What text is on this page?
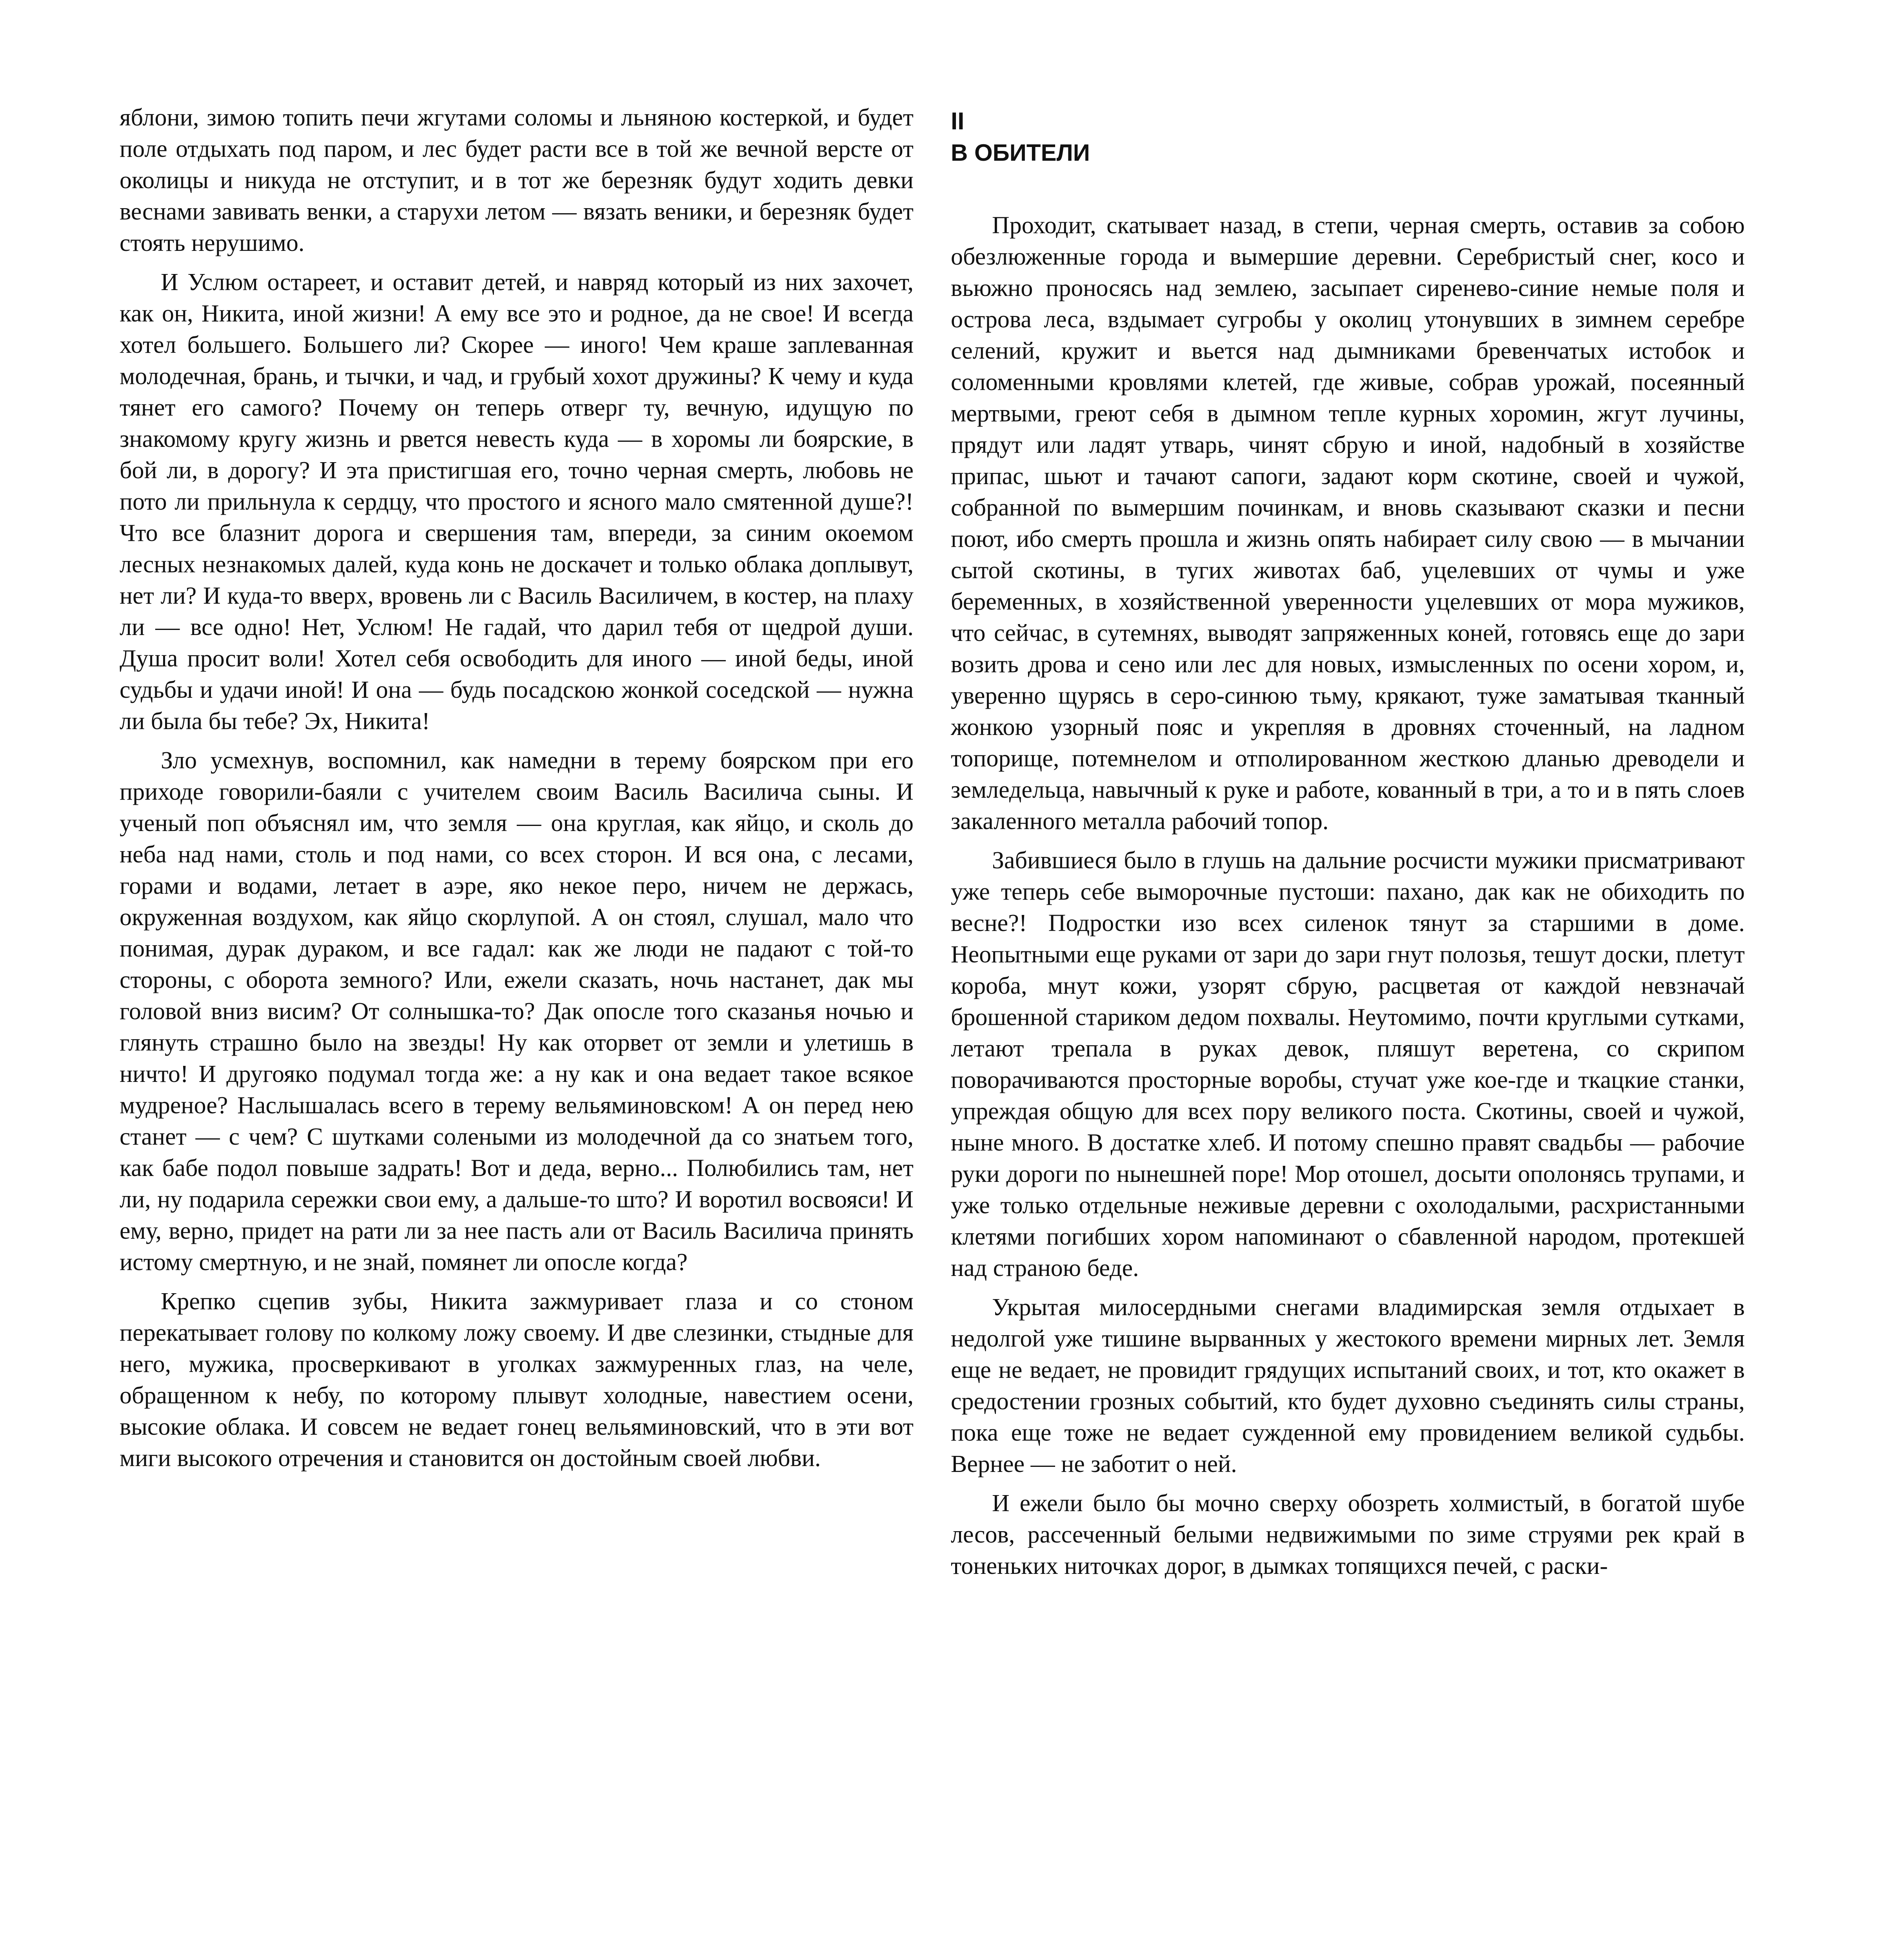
яблони, зимою топить печи жгутами соломы и льняною костеркой, и будет поле отдыхать под паром, и лес будет расти все в той же вечной версте от околицы и никуда не отступит, и в тот же березняк будут ходить девки веснами завивать венки, а старухи летом — вязать веники, и березняк будет стоять нерушимо.

И Услюм остареет, и оставит детей, и навряд который из них захочет, как он, Никита, иной жизни! А ему все это и родное, да не свое! И всегда хотел большего. Большего ли? Скорее — иного! Чем краше заплеванная молодечная, брань, и тычки, и чад, и грубый хохот дружины? К чему и куда тянет его самого? Почему он теперь отверг ту, вечную, идущую по знакомому кругу жизнь и рвется невесть куда — в хоромы ли боярские, в бой ли, в дорогу? И эта пристигшая его, точно черная смерть, любовь не пото ли прильнула к сердцу, что простого и ясного мало смятенной душе?! Что все блазнит дорога и свершения там, впереди, за синим окоемом лесных незнакомых далей, куда конь не доскачет и только облака доплывут, нет ли? И куда-то вверх, вровень ли с Василь Василичем, в костер, на плаху ли — все одно! Нет, Услюм! Не гадай, что дарил тебя от щедрой души. Душа просит воли! Хотел себя освободить для иного — иной беды, иной судьбы и удачи иной! И она — будь посадскою жонкой соседской — нужна ли была бы тебе? Эх, Никита!

Зло усмехнув, воспомнил, как намедни в терему боярском при его приходе говорили-баяли с учителем своим Василь Василича сыны. И ученый поп объяснял им, что земля — она круглая, как яйцо, и сколь до неба над нами, столь и под нами, со всех сторон. И вся она, с лесами, горами и водами, летает в аэре, яко некое перо, ничем не держась, окруженная воздухом, как яйцо скорлупой. А он стоял, слушал, мало что понимая, дурак дураком, и все гадал: как же люди не падают с той-то стороны, с оборота земного? Или, ежели сказать, ночь настанет, дак мы головой вниз висим? От солнышка-то? Дак опосле того сказанья ночью и глянуть страшно было на звезды! Ну как оторвет от земли и улетишь в ничто! И другояко подумал тогда же: а ну как и она ведает такое всякое мудреное? Наслышалась всего в терему вельяминовском! А он перед нею станет — с чем? С шутками солеными из молодечной да со знатьем того, как бабе подол повыше задрать! Вот и деда, верно... Полюбились там, нет ли, ну подарила сережки свои ему, а дальше-то што? И воротил восвояси! И ему, верно, придет на рати ли за нее пасть али от Василь Василича принять истому смертную, и не знай, помянет ли опосле когда?

Крепко сцепив зубы, Никита зажмуривает глаза и со стоном перекатывает голову по колкому ложу своему. И две слезинки, стыдные для него, мужика, просверкивают в уголках зажмуренных глаз, на челе, обращенном к небу, по которому плывут холодные, навестием осени, высокие облака. И совсем не ведает гонец вельяминовский, что в эти вот миги высокого отречения и становится он достойным своей любви.

II
В ОБИТЕЛИ

Проходит, скатывает назад, в степи, черная смерть, оставив за собою обезлюженные города и вымершие деревни. Серебристый снег, косо и вьюжно проносясь над землею, засыпает сиренево-синие немые поля и острова леса, вздымает сугробы у околиц утонувших в зимнем серебре селений, кружит и вьется над дымниками бревенчатых истобок и соломенными кровлями клетей, где живые, собрав урожай, посеянный мертвыми, греют себя в дымном тепле курных хоромин, жгут лучины, прядут или ладят утварь, чинят сбрую и иной, надобный в хозяйстве припас, шьют и тачают сапоги, задают корм скотине, своей и чужой, собранной по вымершим починкам, и вновь сказывают сказки и песни поют, ибо смерть прошла и жизнь опять набирает силу свою — в мычании сытой скотины, в тугих животах баб, уцелевших от чумы и уже беременных, в хозяйственной уверенности уцелевших от мора мужиков, что сейчас, в сутемнях, выводят запряженных коней, готовясь еще до зари возить дрова и сено или лес для новых, измысленных по осени хором, и, уверенно щурясь в серо-синюю тьму, крякают, туже заматывая тканный жонкою узорный пояс и укрепляя в дровнях сточенный, на ладном топорище, потемнелом и отполированном жесткою дланью древодели и земледельца, навычный к руке и работе, кованный в три, а то и в пять слоев закаленного металла рабочий топор.

Забившиеся было в глушь на дальние росчисти мужики присматривают уже теперь себе выморочные пустоши: пахано, дак как не обиходить по весне?! Подростки изо всех силенок тянут за старшими в доме. Неопытными еще руками от зари до зари гнут полозья, тешут доски, плетут короба, мнут кожи, узорят сбрую, расцветая от каждой невзначай брошенной стариком дедом похвалы. Неутомимо, почти круглыми сутками, летают трепала в руках девок, пляшут веретена, со скрипом поворачиваются просторные воробы, стучат уже кое-где и ткацкие станки, упреждая общую для всех пору великого поста. Скотины, своей и чужой, ныне много. В достатке хлеб. И потому спешно правят свадьбы — рабочие руки дороги по нынешней поре! Мор отошел, досыти ополонясь трупами, и уже только отдельные неживые деревни с охолодалыми, расхристанными клетями погибших хором напоминают о сбавленной народом, протекшей над страною беде.

Укрытая милосердными снегами владимирская земля отдыхает в недолгой уже тишине вырванных у жестокого времени мирных лет. Земля еще не ведает, не провидит грядущих испытаний своих, и тот, кто окажет в средостении грозных событий, кто будет духовно съединять силы страны, пока еще тоже не ведает сужденной ему провидением великой судьбы. Вернее — не заботит о ней.

И ежели было бы мочно сверху обозреть холмистый, в богатой шубе лесов, рассеченный белыми недвижимыми по зиме струями рек край в тоненьких ниточках дорог, в дымках топящихся печей, с раски-
